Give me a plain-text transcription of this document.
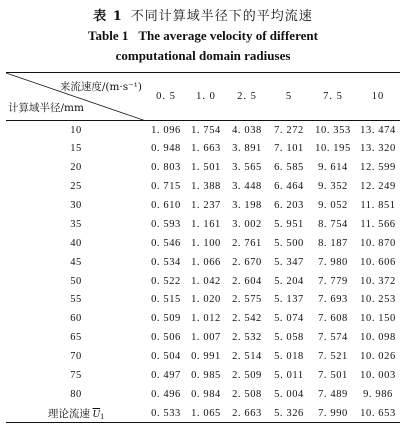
表 1 不同计算域半径下的平均流速
Table 1 The average velocity of different
computational domain radiuses
来流速度/(m·s⁻¹)
计算域半径/mm	0. 5	1. 0	2. 5	5	7. 5	10
10	1. 096	1. 754	4. 038	7. 272	10. 353	13. 474
15	0. 948	1. 663	3. 891	7. 101	10. 195	13. 320
20	0. 803	1. 501	3. 565	6. 585	9. 614	12. 599
25	0. 715	1. 388	3. 448	6. 464	9. 352	12. 249
30	0. 610	1. 237	3. 198	6. 203	9. 052	11. 851
35	0. 593	1. 161	3. 002	5. 951	8. 754	11. 566
40	0. 546	1. 100	2. 761	5. 500	8. 187	10. 870
45	0. 534	1. 066	2. 670	5. 347	7. 980	10. 606
50	0. 522	1. 042	2. 604	5. 204	7. 779	10. 372
55	0. 515	1. 020	2. 575	5. 137	7. 693	10. 253
60	0. 509	1. 012	2. 542	5. 074	7. 608	10. 150
65	0. 506	1. 007	2. 532	5. 058	7. 574	10. 098
70	0. 504	0. 991	2. 514	5. 018	7. 521	10. 026
75	0. 497	0. 985	2. 509	5. 011	7. 501	10. 003
80	0. 496	0. 984	2. 508	5. 004	7. 489	9. 986
理论流速 $\overline{U}1$	0. 533	1. 065	2. 663	5. 326	7. 990	10. 653
